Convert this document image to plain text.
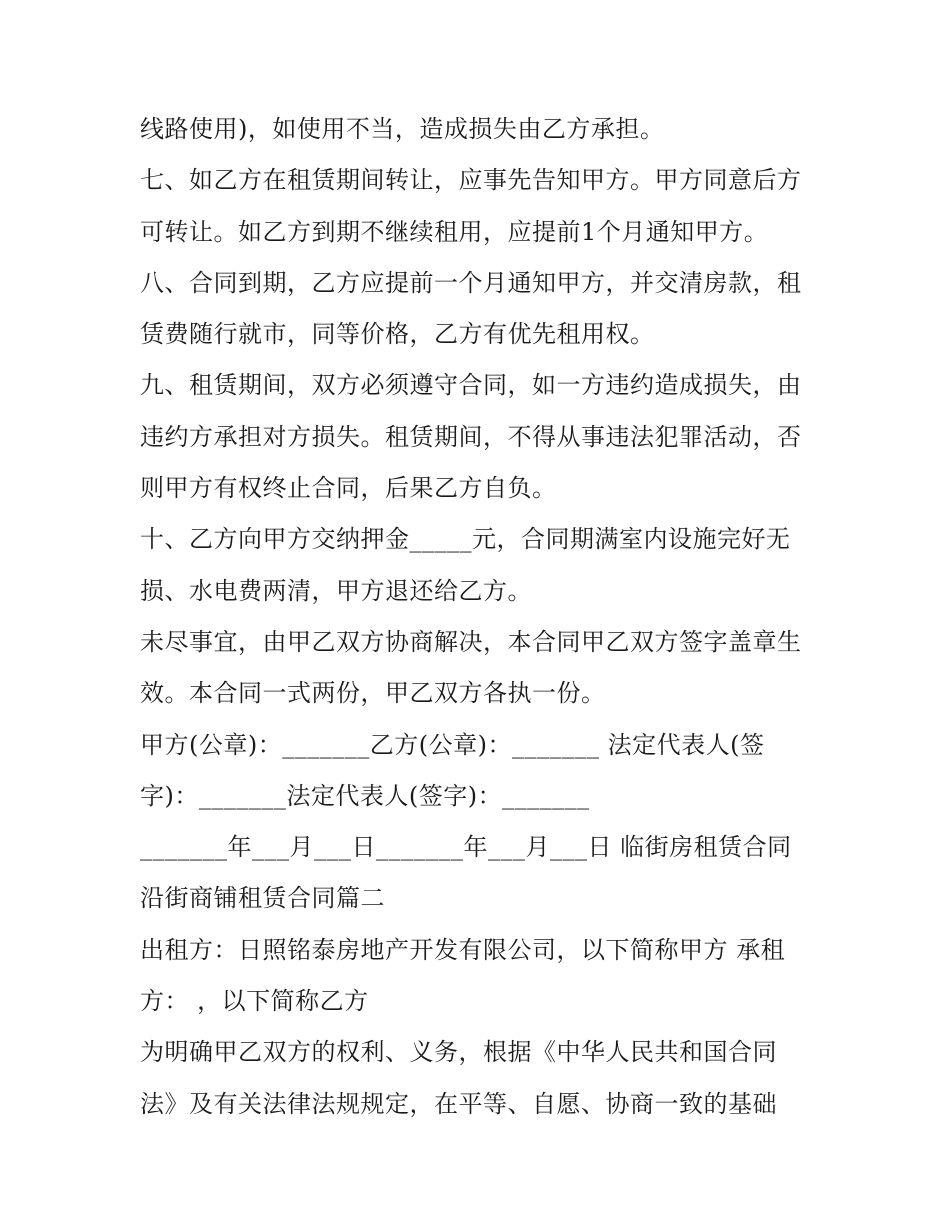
线路使用)，如使用不当，造成损失由乙方承担。
七、如乙方在租赁期间转让，应事先告知甲方。甲方同意后方
可转让。如乙方到期不继续租用，应提前1个月通知甲方。
八、合同到期，乙方应提前一个月通知甲方，并交清房款，租
赁费随行就市，同等价格，乙方有优先租用权。
九、租赁期间，双方必须遵守合同，如一方违约造成损失，由
违约方承担对方损失。租赁期间，不得从事违法犯罪活动，否
则甲方有权终止合同，后果乙方自负。
十、乙方向甲方交纳押金_____元，合同期满室内设施完好无
损、水电费两清，甲方退还给乙方。
未尽事宜，由甲乙双方协商解决，本合同甲乙双方签字盖章生
效。本合同一式两份，甲乙双方各执一份。
甲方(公章)：_______乙方(公章)：_______ 法定代表人(签
字)：_______法定代表人(签字)：_______
_______年___月___日_______年___月___日 临街房租赁合同
沿街商铺租赁合同篇二
出租方：日照铭泰房地产开发有限公司，以下简称甲方 承租
方： ，以下简称乙方
为明确甲乙双方的权利、义务，根据《中华人民共和国合同
法》及有关法律法规规定，在平等、自愿、协商一致的基础
